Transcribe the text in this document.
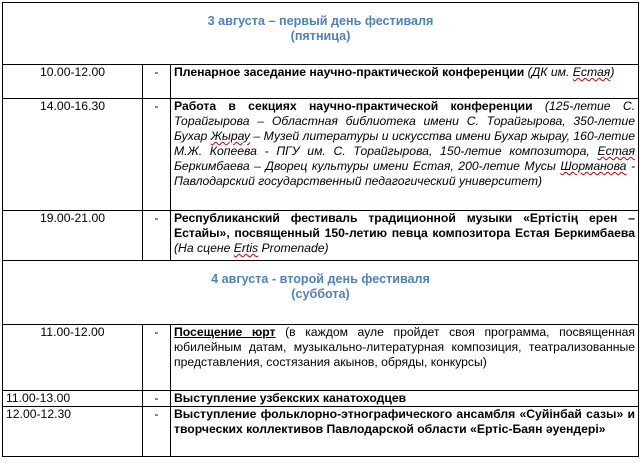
3 августа – первый день фестиваля
(пятница)		

10.00-12.00	-	Пленарное заседание научно-практической конференции (ДК им. Естая)
14.00-16.30	-	Работа в секциях научно-практической конференции (125-летие С. Торайгырова – Областная библиотека имени С. Торайгырова, 350-летие Бухар Жырау – Музей литературы и искусства имени Бухар жырау, 160-летие М.Ж. Копеева - ПГУ им. С. Торайгырова, 150-летие композитора, Естая Беркимбаева – Дворец культуры имени Естая, 200-летие Мусы Шорманова - Павлодарский государственный педагогический университет)
19.00-21.00	-	Республиканский фестиваль традиционной музыки «Ертістің ерен – Естайы», посвященный 150-летию певца композитора Естая Беркимбаева (На сцене Ertis Promenade)

4 августа - второй день фестиваля
(суббота)		

11.00-12.00	-	Посещение юрт (в каждом ауле пройдет своя программа, посвященная юбилейным датам, музыкально-литературная композиция, театрализованные представления, состязания акынов, обряды, конкурсы)
11.00-13.00	-	Выступление узбекских канатоходцев
12.00-12.30	-	Выступление фольклорно-этнографического ансамбля «Суйінбай сазы» и творческих коллективов Павлодарской области «Ертіс-Баян әуендері»
